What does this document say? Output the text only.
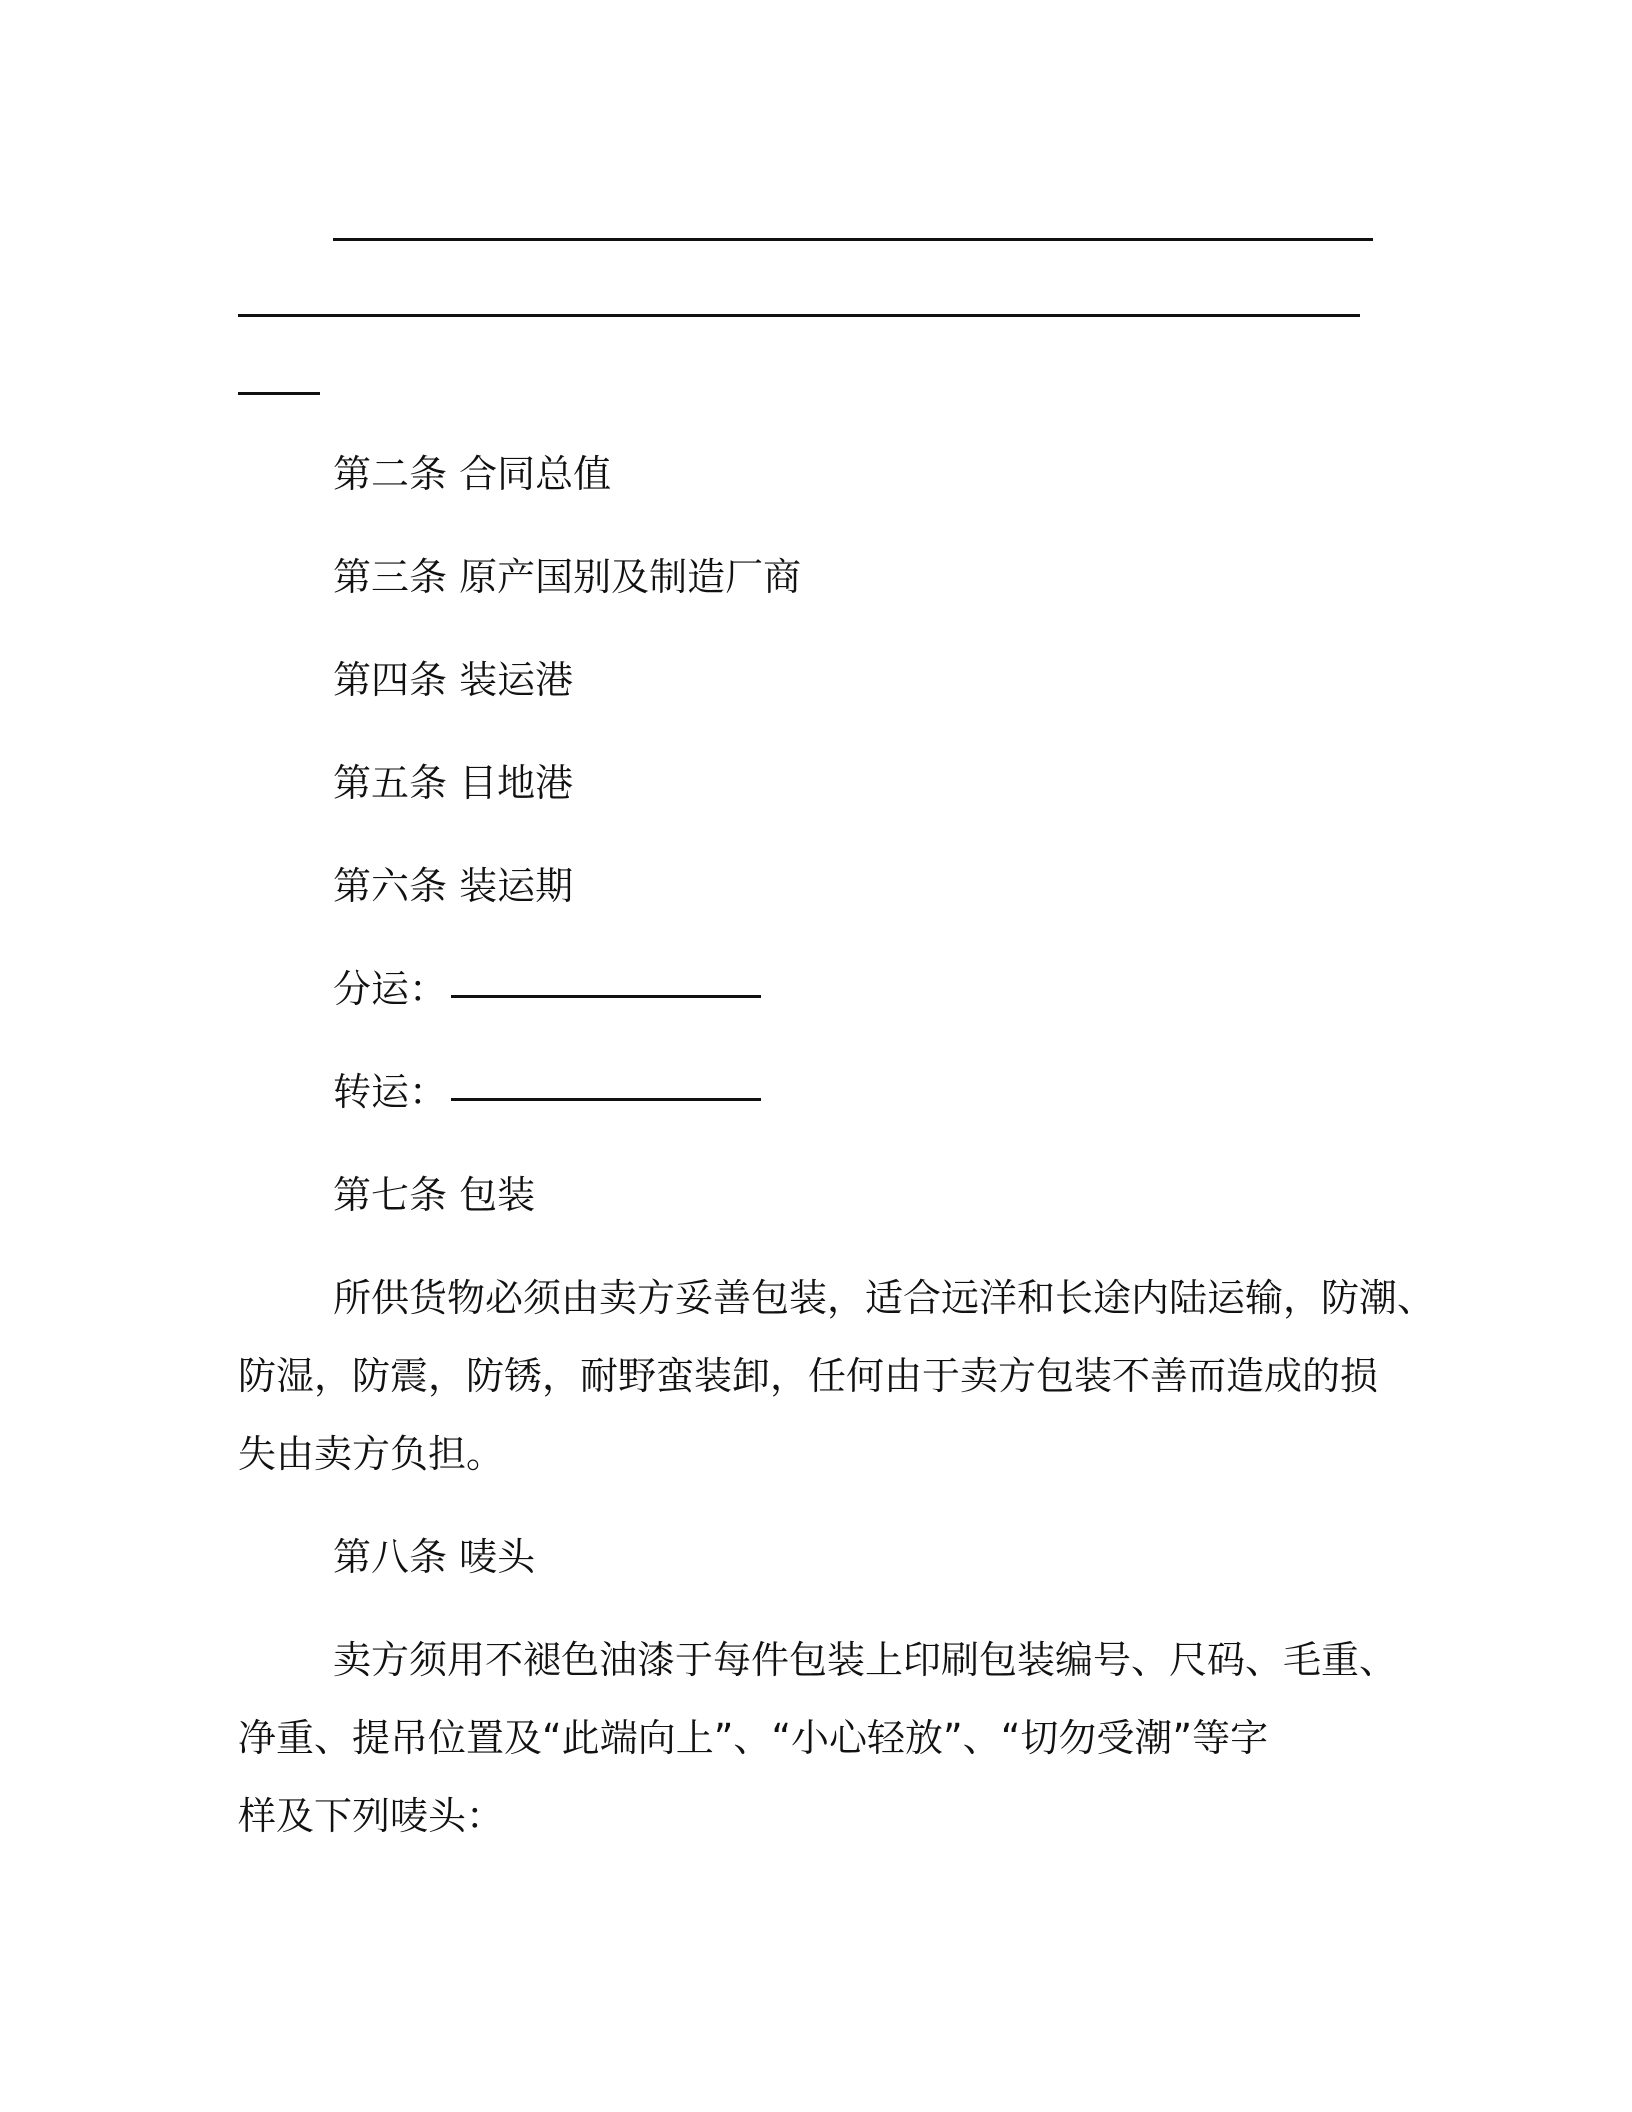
第二条 合同总值
第三条 原产国别及制造厂商
第四条 装运港
第五条 目地港
第六条 装运期
分运：
转运：
第七条 包装
所供货物必须由卖方妥善包装，适合远洋和长途内陆运输，防潮、
防湿，防震，防锈，耐野蛮装卸，任何由于卖方包装不善而造成的损
失由卖方负担。
第八条 唛头
卖方须用不褪色油漆于每件包装上印刷包装编号、尺码、毛重、
净重、提吊位置及“此端向上”、“小心轻放”、“切勿受潮”等字
样及下列唛头：
